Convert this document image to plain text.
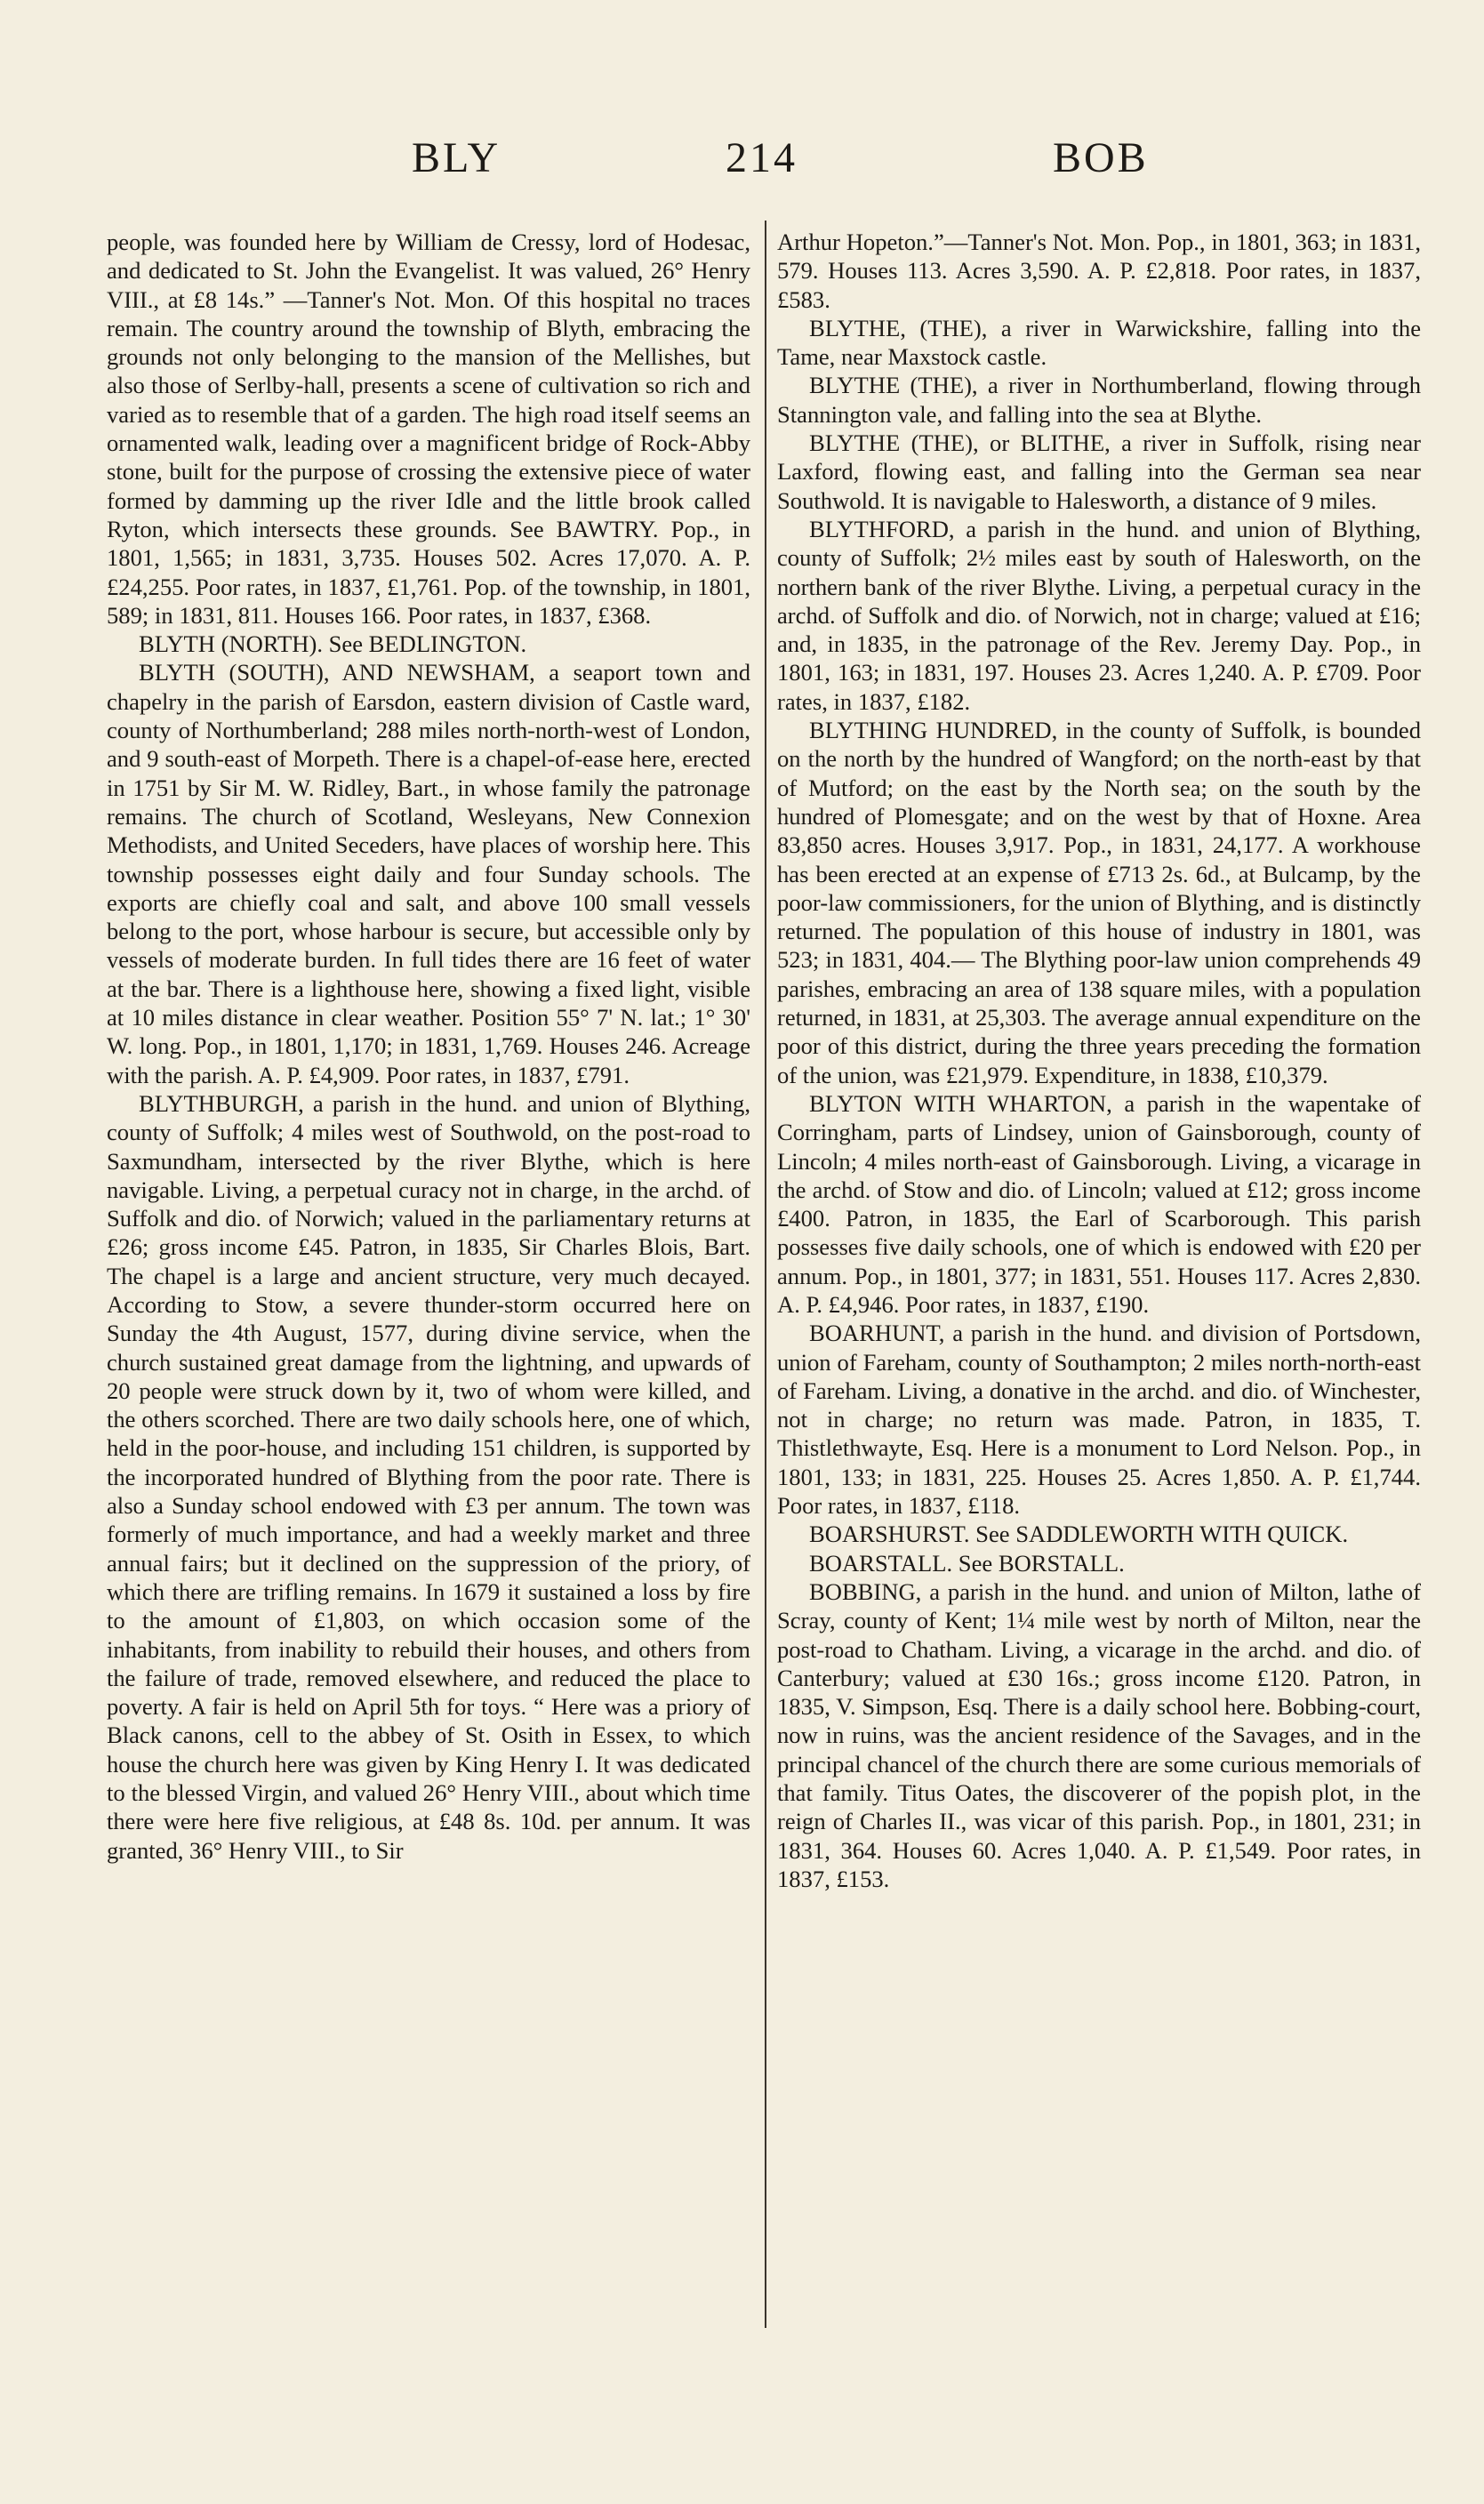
BLY	214	BOB

people, was founded here by William de Cressy, lord of Hodesac, and dedicated to St. John the Evangelist. It was valued, 26° Henry VIII., at £8 14s.” —Tanner's Not. Mon. Of this hospital no traces remain. The country around the township of Blyth, embracing the grounds not only belonging to the mansion of the Mellishes, but also those of Serlby-hall, presents a scene of cultivation so rich and varied as to resemble that of a garden. The high road itself seems an ornamented walk, leading over a magnificent bridge of Rock-Abby stone, built for the purpose of crossing the extensive piece of water formed by damming up the river Idle and the little brook called Ryton, which intersects these grounds. See BAWTRY. Pop., in 1801, 1,565; in 1831, 3,735. Houses 502. Acres 17,070. A. P. £24,255. Poor rates, in 1837, £1,761. Pop. of the township, in 1801, 589; in 1831, 811. Houses 166. Poor rates, in 1837, £368.

BLYTH (NORTH). See BEDLINGTON.

BLYTH (SOUTH), AND NEWSHAM, a seaport town and chapelry in the parish of Earsdon, eastern division of Castle ward, county of Northumberland; 288 miles north-north-west of London, and 9 south-east of Morpeth. There is a chapel-of-ease here, erected in 1751 by Sir M. W. Ridley, Bart., in whose family the patronage remains. The church of Scotland, Wesleyans, New Connexion Methodists, and United Seceders, have places of worship here. This township possesses eight daily and four Sunday schools. The exports are chiefly coal and salt, and above 100 small vessels belong to the port, whose harbour is secure, but accessible only by vessels of moderate burden. In full tides there are 16 feet of water at the bar. There is a lighthouse here, showing a fixed light, visible at 10 miles distance in clear weather. Position 55° 7' N. lat.; 1° 30' W. long. Pop., in 1801, 1,170; in 1831, 1,769. Houses 246. Acreage with the parish. A. P. £4,909. Poor rates, in 1837, £791.

BLYTHBURGH, a parish in the hund. and union of Blything, county of Suffolk; 4 miles west of Southwold, on the post-road to Saxmundham, intersected by the river Blythe, which is here navigable. Living, a perpetual curacy not in charge, in the archd. of Suffolk and dio. of Norwich; valued in the parliamentary returns at £26; gross income £45. Patron, in 1835, Sir Charles Blois, Bart. The chapel is a large and ancient structure, very much decayed. According to Stow, a severe thunder-storm occurred here on Sunday the 4th August, 1577, during divine service, when the church sustained great damage from the lightning, and upwards of 20 people were struck down by it, two of whom were killed, and the others scorched. There are two daily schools here, one of which, held in the poor-house, and including 151 children, is supported by the incorporated hundred of Blything from the poor rate. There is also a Sunday school endowed with £3 per annum. The town was formerly of much importance, and had a weekly market and three annual fairs; but it declined on the suppression of the priory, of which there are trifling remains. In 1679 it sustained a loss by fire to the amount of £1,803, on which occasion some of the inhabitants, from inability to rebuild their houses, and others from the failure of trade, removed elsewhere, and reduced the place to poverty. A fair is held on April 5th for toys. “ Here was a priory of Black canons, cell to the abbey of St. Osith in Essex, to which house the church here was given by King Henry I. It was dedicated to the blessed Virgin, and valued 26° Henry VIII., about which time there were here five religious, at £48 8s. 10d. per annum. It was granted, 36° Henry VIII., to Sir

Arthur Hopeton.”—Tanner's Not. Mon. Pop., in 1801, 363; in 1831, 579. Houses 113. Acres 3,590. A. P. £2,818. Poor rates, in 1837, £583.

BLYTHE, (THE), a river in Warwickshire, falling into the Tame, near Maxstock castle.

BLYTHE (THE), a river in Northumberland, flowing through Stannington vale, and falling into the sea at Blythe.

BLYTHE (THE), or BLITHE, a river in Suffolk, rising near Laxford, flowing east, and falling into the German sea near Southwold. It is navigable to Halesworth, a distance of 9 miles.

BLYTHFORD, a parish in the hund. and union of Blything, county of Suffolk; 2½ miles east by south of Halesworth, on the northern bank of the river Blythe. Living, a perpetual curacy in the archd. of Suffolk and dio. of Norwich, not in charge; valued at £16; and, in 1835, in the patronage of the Rev. Jeremy Day. Pop., in 1801, 163; in 1831, 197. Houses 23. Acres 1,240. A. P. £709. Poor rates, in 1837, £182.

BLYTHING HUNDRED, in the county of Suffolk, is bounded on the north by the hundred of Wangford; on the north-east by that of Mutford; on the east by the North sea; on the south by the hundred of Plomesgate; and on the west by that of Hoxne. Area 83,850 acres. Houses 3,917. Pop., in 1831, 24,177. A workhouse has been erected at an expense of £713 2s. 6d., at Bulcamp, by the poor-law commissioners, for the union of Blything, and is distinctly returned. The population of this house of industry in 1801, was 523; in 1831, 404.— The Blything poor-law union comprehends 49 parishes, embracing an area of 138 square miles, with a population returned, in 1831, at 25,303. The average annual expenditure on the poor of this district, during the three years preceding the formation of the union, was £21,979. Expenditure, in 1838, £10,379.

BLYTON WITH WHARTON, a parish in the wapentake of Corringham, parts of Lindsey, union of Gainsborough, county of Lincoln; 4 miles north-east of Gainsborough. Living, a vicarage in the archd. of Stow and dio. of Lincoln; valued at £12; gross income £400. Patron, in 1835, the Earl of Scarborough. This parish possesses five daily schools, one of which is endowed with £20 per annum. Pop., in 1801, 377; in 1831, 551. Houses 117. Acres 2,830. A. P. £4,946. Poor rates, in 1837, £190.

BOARHUNT, a parish in the hund. and division of Portsdown, union of Fareham, county of Southampton; 2 miles north-north-east of Fareham. Living, a donative in the archd. and dio. of Winchester, not in charge; no return was made. Patron, in 1835, T. Thistlethwayte, Esq. Here is a monument to Lord Nelson. Pop., in 1801, 133; in 1831, 225. Houses 25. Acres 1,850. A. P. £1,744. Poor rates, in 1837, £118.

BOARSHURST. See SADDLEWORTH WITH QUICK.

BOARSTALL. See BORSTALL.

BOBBING, a parish in the hund. and union of Milton, lathe of Scray, county of Kent; 1¼ mile west by north of Milton, near the post-road to Chatham. Living, a vicarage in the archd. and dio. of Canterbury; valued at £30 16s.; gross income £120. Patron, in 1835, V. Simpson, Esq. There is a daily school here. Bobbing-court, now in ruins, was the ancient residence of the Savages, and in the principal chancel of the church there are some curious memorials of that family. Titus Oates, the discoverer of the popish plot, in the reign of Charles II., was vicar of this parish. Pop., in 1801, 231; in 1831, 364. Houses 60. Acres 1,040. A. P. £1,549. Poor rates, in 1837, £153.
